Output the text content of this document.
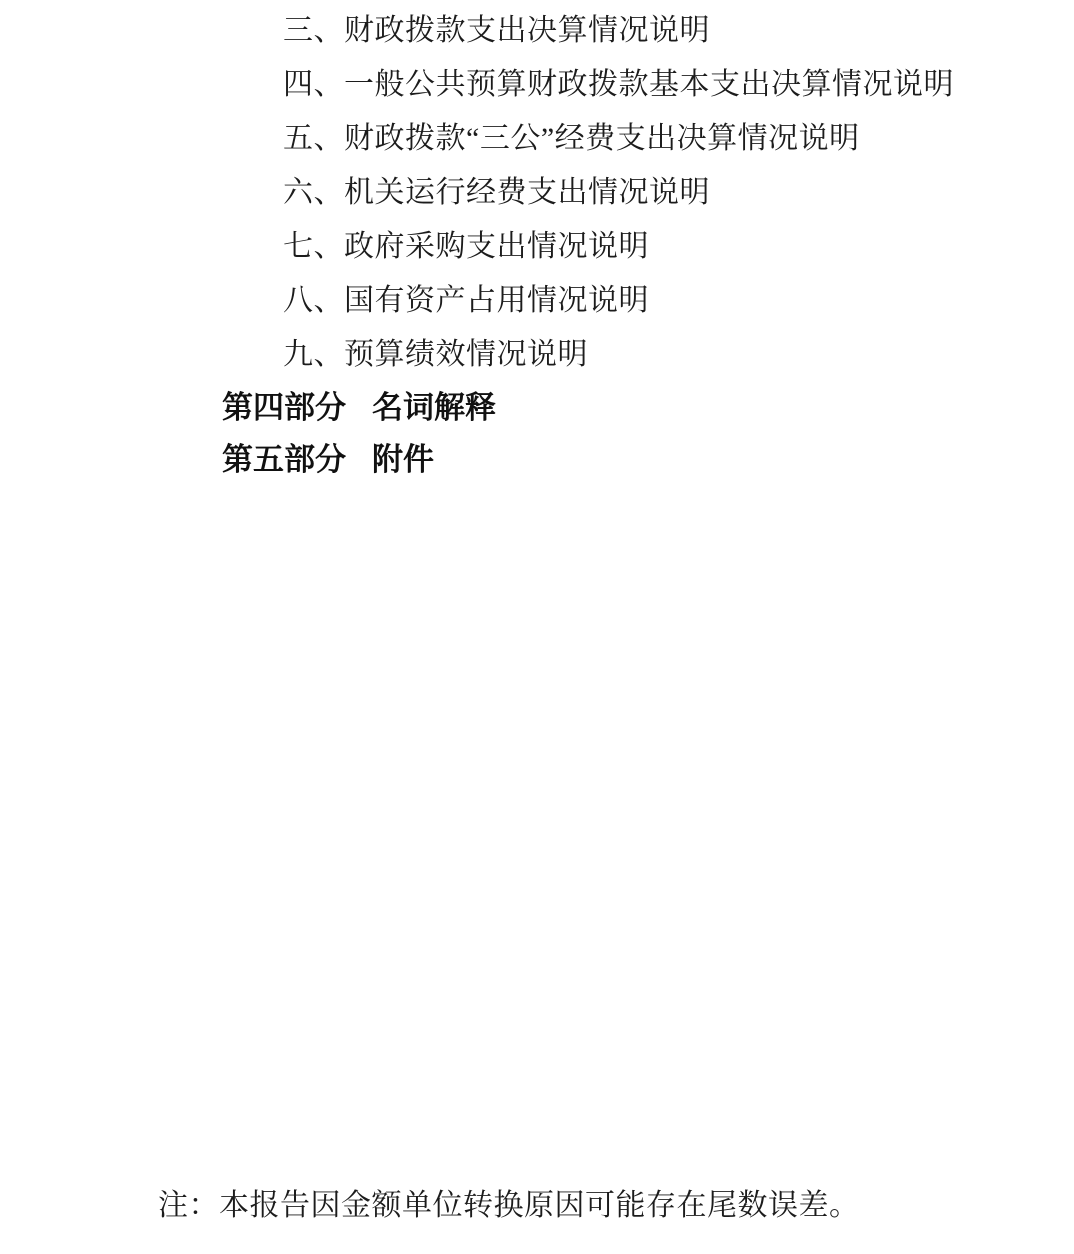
三、财政拨款支出决算情况说明
四、一般公共预算财政拨款基本支出决算情况说明
五、财政拨款“三公”经费支出决算情况说明
六、机关运行经费支出情况说明
七、政府采购支出情况说明
八、国有资产占用情况说明
九、预算绩效情况说明
第四部分 名词解释
第五部分 附件
注：本报告因金额单位转换原因可能存在尾数误差。
